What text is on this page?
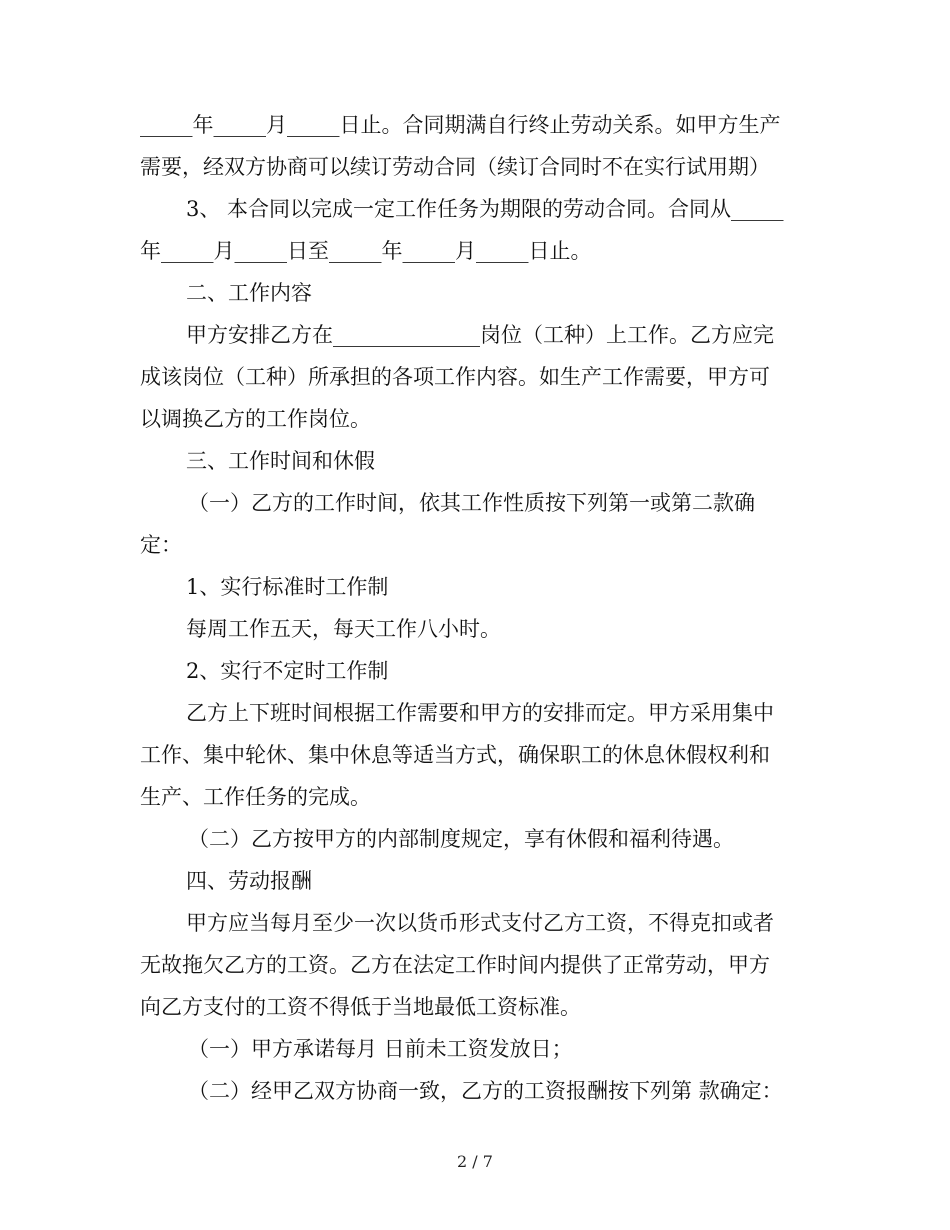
_____年_____月_____日止。合同期满自行终止劳动关系。如甲方生产
需要，经双方协商可以续订劳动合同（续订合同时不在实行试用期）
3、 本合同以完成一定工作任务为期限的劳动合同。合同从_____
年_____月_____日至_____年_____月_____日止。
二、工作内容
甲方安排乙方在______________岗位（工种）上工作。乙方应完
成该岗位（工种）所承担的各项工作内容。如生产工作需要，甲方可
以调换乙方的工作岗位。
三、工作时间和休假
（一）乙方的工作时间，依其工作性质按下列第一或第二款确
定：
1、实行标准时工作制
每周工作五天，每天工作八小时。
2、实行不定时工作制
乙方上下班时间根据工作需要和甲方的安排而定。甲方采用集中
工作、集中轮休、集中休息等适当方式，确保职工的休息休假权利和
生产、工作任务的完成。
（二）乙方按甲方的内部制度规定，享有休假和福利待遇。
四、劳动报酬
甲方应当每月至少一次以货币形式支付乙方工资，不得克扣或者
无故拖欠乙方的工资。乙方在法定工作时间内提供了正常劳动，甲方
向乙方支付的工资不得低于当地最低工资标准。
（一）甲方承诺每月 日前未工资发放日；
（二）经甲乙双方协商一致，乙方的工资报酬按下列第 款确定：
2 / 7
